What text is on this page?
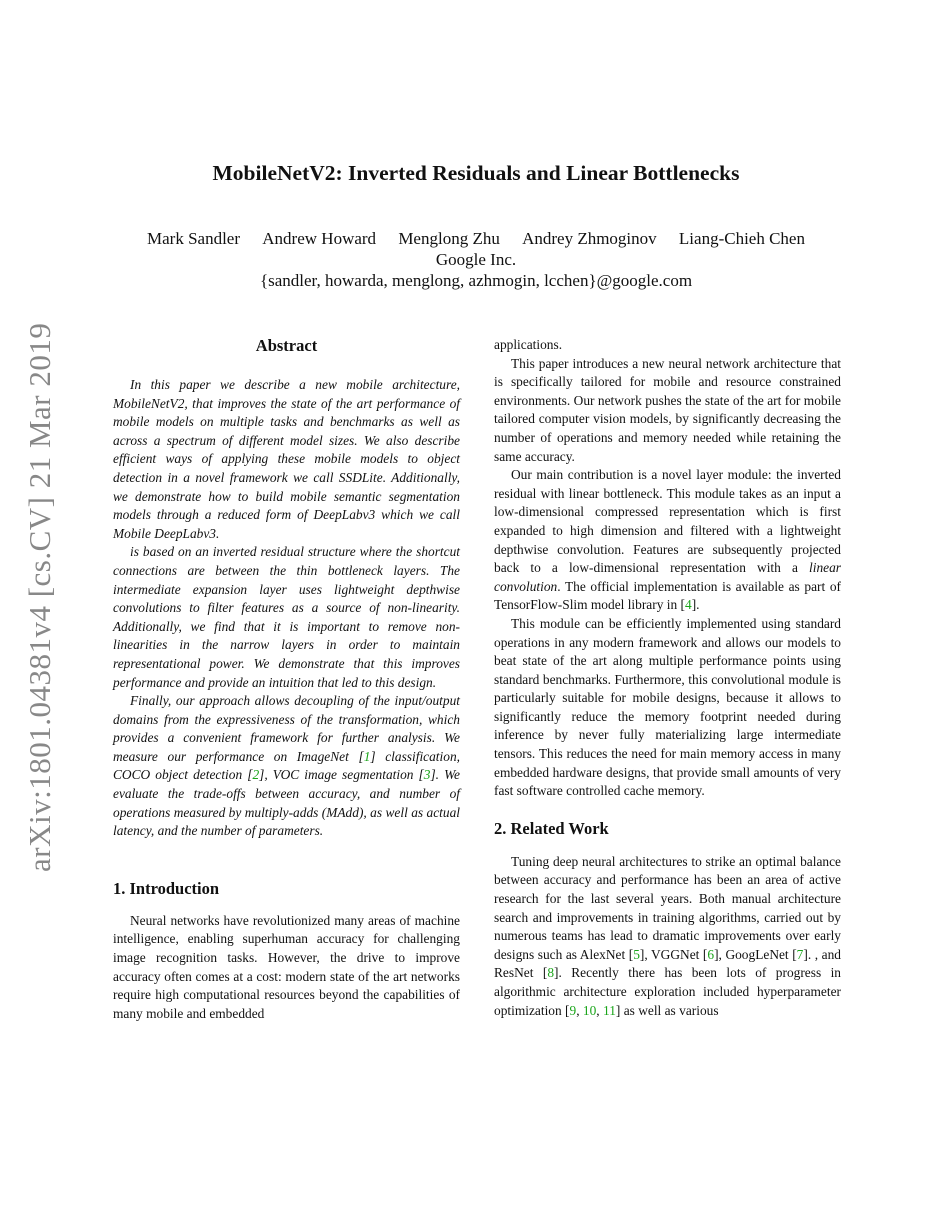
arXiv:1801.04381v4 [cs.CV] 21 Mar 2019
MobileNetV2: Inverted Residuals and Linear Bottlenecks
Mark Sandler Andrew Howard Menglong Zhu Andrey Zhmoginov Liang-Chieh Chen
Google Inc.
{sandler, howarda, menglong, azhmogin, lcchen}@google.com
Abstract

In this paper we describe a new mobile architecture, MobileNetV2, that improves the state of the art performance of mobile models on multiple tasks and benchmarks as well as across a spectrum of different model sizes. We also describe efficient ways of applying these mobile models to object detection in a novel framework we call SSDLite. Additionally, we demonstrate how to build mobile semantic segmentation models through a reduced form of DeepLabv3 which we call Mobile DeepLabv3.

is based on an inverted residual structure where the shortcut connections are between the thin bottleneck layers. The intermediate expansion layer uses lightweight depthwise convolutions to filter features as a source of non-linearity. Additionally, we find that it is important to remove non-linearities in the narrow layers in order to maintain representational power. We demonstrate that this improves performance and provide an intuition that led to this design.

Finally, our approach allows decoupling of the input/output domains from the expressiveness of the transformation, which provides a convenient framework for further analysis. We measure our performance on ImageNet [1] classification, COCO object detection [2], VOC image segmentation [3]. We evaluate the trade-offs between accuracy, and number of operations measured by multiply-adds (MAdd), as well as actual latency, and the number of parameters.

1. Introduction

Neural networks have revolutionized many areas of machine intelligence, enabling superhuman accuracy for challenging image recognition tasks. However, the drive to improve accuracy often comes at a cost: modern state of the art networks require high computational resources beyond the capabilities of many mobile and embedded

applications.

This paper introduces a new neural network architecture that is specifically tailored for mobile and resource constrained environments. Our network pushes the state of the art for mobile tailored computer vision models, by significantly decreasing the number of operations and memory needed while retaining the same accuracy.

Our main contribution is a novel layer module: the inverted residual with linear bottleneck. This module takes as an input a low-dimensional compressed representation which is first expanded to high dimension and filtered with a lightweight depthwise convolution. Features are subsequently projected back to a low-dimensional representation with a linear convolution. The official implementation is available as part of TensorFlow-Slim model library in [4].

This module can be efficiently implemented using standard operations in any modern framework and allows our models to beat state of the art along multiple performance points using standard benchmarks. Furthermore, this convolutional module is particularly suitable for mobile designs, because it allows to significantly reduce the memory footprint needed during inference by never fully materializing large intermediate tensors. This reduces the need for main memory access in many embedded hardware designs, that provide small amounts of very fast software controlled cache memory.

2. Related Work

Tuning deep neural architectures to strike an optimal balance between accuracy and performance has been an area of active research for the last several years. Both manual architecture search and improvements in training algorithms, carried out by numerous teams has lead to dramatic improvements over early designs such as AlexNet [5], VGGNet [6], GoogLeNet [7]. , and ResNet [8]. Recently there has been lots of progress in algorithmic architecture exploration included hyperparameter optimization [9, 10, 11] as well as various
